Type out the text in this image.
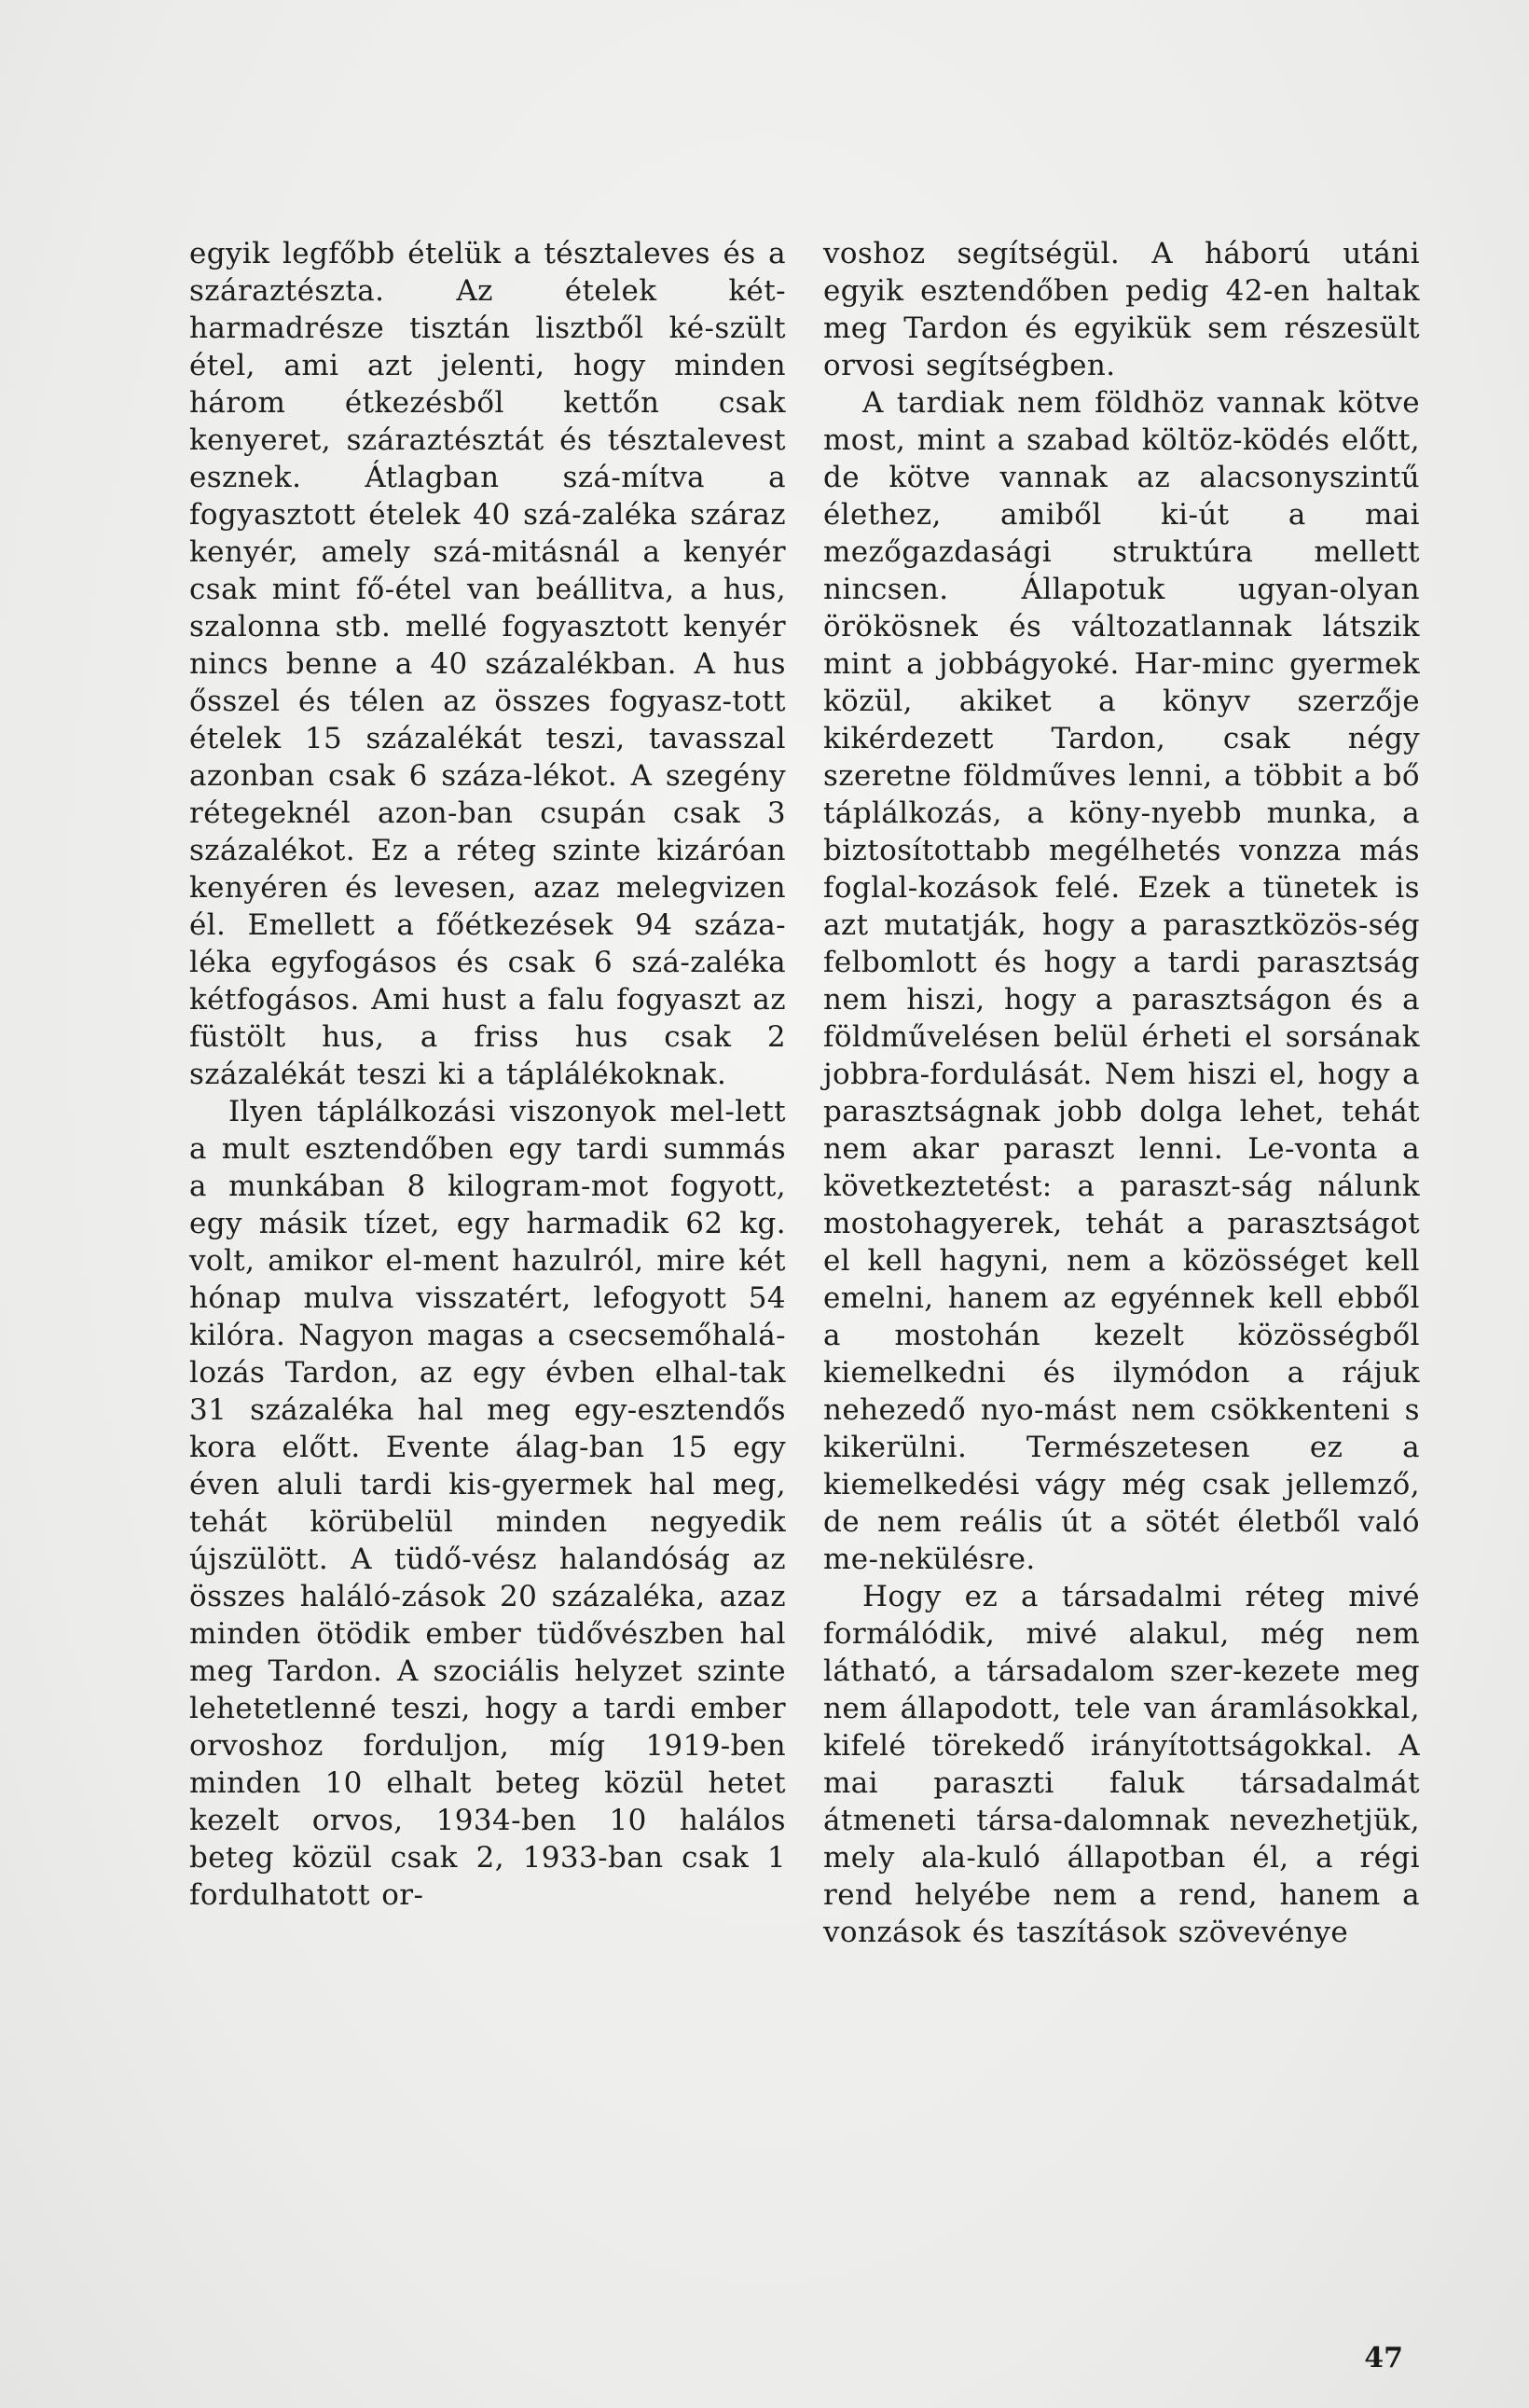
egyik legfőbb ételük a tésztaleves és a száraztészta. Az ételek két-harmadrésze tisztán lisztből ké-szült étel, ami azt jelenti, hogy minden három étkezésből kettőn csak kenyeret, száraztésztát és tésztalevest esznek. Átlagban szá-mítva a fogyasztott ételek 40 szá-zaléka száraz kenyér, amely szá-mitásnál a kenyér csak mint fő-étel van beállitva, a hus, szalonna stb. mellé fogyasztott kenyér nincs benne a 40 százalékban. A hus ősszel és télen az összes fogyasz-tott ételek 15 százalékát teszi, tavasszal azonban csak 6 száza-lékot. A szegény rétegeknél azon-ban csupán csak 3 százalékot. Ez a réteg szinte kizáróan kenyéren és levesen, azaz melegvizen él. Emellett a főétkezések 94 száza-léka egyfogásos és csak 6 szá-zaléka kétfogásos. Ami hust a falu fogyaszt az füstölt hus, a friss hus csak 2 százalékát teszi ki a táplálékoknak.

Ilyen táplálkozási viszonyok mel-lett a mult esztendőben egy tardi summás a munkában 8 kilogram-mot fogyott, egy másik tízet, egy harmadik 62 kg. volt, amikor el-ment hazulról, mire két hónap mulva visszatért, lefogyott 54 kilóra. Nagyon magas a csecsemőhalá-lozás Tardon, az egy évben elhal-tak 31 százaléka hal meg egy-esztendős kora előtt. Evente álag-ban 15 egy éven aluli tardi kis-gyermek hal meg, tehát körübelül minden negyedik újszülött. A tüdő-vész halandóság az összes haláló-zások 20 százaléka, azaz minden ötödik ember tüdővészben hal meg Tardon. A szociális helyzet szinte lehetetlenné teszi, hogy a tardi ember orvoshoz forduljon, míg 1919-ben minden 10 elhalt beteg közül hetet kezelt orvos, 1934-ben 10 halálos beteg közül csak 2, 1933-ban csak 1 fordulhatott or-

voshoz segítségül. A háború utáni egyik esztendőben pedig 42-en haltak meg Tardon és egyikük sem részesült orvosi segítségben.

A tardiak nem földhöz vannak kötve most, mint a szabad költöz-ködés előtt, de kötve vannak az alacsonyszintű élethez, amiből ki-út a mai mezőgazdasági struktúra mellett nincsen. Állapotuk ugyan-olyan örökösnek és változatlannak látszik mint a jobbágyoké. Har-minc gyermek közül, akiket a könyv szerzője kikérdezett Tardon, csak négy szeretne földműves lenni, a többit a bő táplálkozás, a köny-nyebb munka, a biztosítottabb megélhetés vonzza más foglal-kozások felé. Ezek a tünetek is azt mutatják, hogy a parasztközös-ség felbomlott és hogy a tardi parasztság nem hiszi, hogy a parasztságon és a földművelésen belül érheti el sorsának jobbra-fordulását. Nem hiszi el, hogy a parasztságnak jobb dolga lehet, tehát nem akar paraszt lenni. Le-vonta a következtetést: a paraszt-ság nálunk mostohagyerek, tehát a parasztságot el kell hagyni, nem a közösséget kell emelni, hanem az egyénnek kell ebből a mostohán kezelt közösségből kiemelkedni és ilymódon a rájuk nehezedő nyo-mást nem csökkenteni s kikerülni. Természetesen ez a kiemelkedési vágy még csak jellemző, de nem reális út a sötét életből való me-nekülésre.

Hogy ez a társadalmi réteg mivé formálódik, mivé alakul, még nem látható, a társadalom szer-kezete meg nem állapodott, tele van áramlásokkal, kifelé törekedő irányítottságokkal. A mai paraszti faluk társadalmát átmeneti társa-dalomnak nevezhetjük, mely ala-kuló állapotban él, a régi rend helyébe nem a rend, hanem a vonzások és taszítások szövevénye

47
